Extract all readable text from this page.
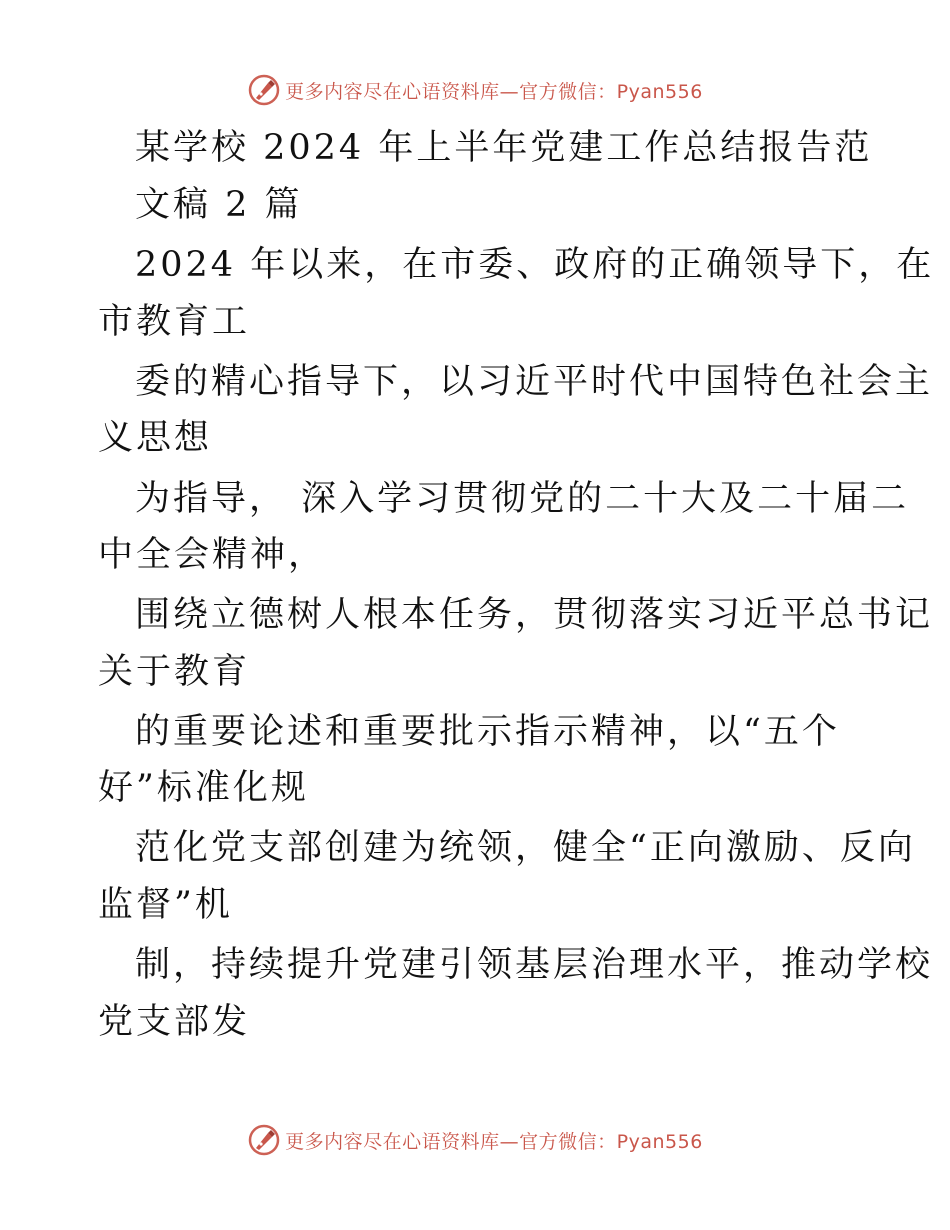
更多内容尽在心语资料库—官方微信：Pyan556
某学校 2024 年上半年党建工作总结报告范
文稿 2 篇
2024 年以来，在市委、政府的正确领导下，在
市教育工
委的精心指导下，以习近平时代中国特色社会主
义思想
为指导， 深入学习贯彻党的二十大及二十届二
中全会精神，
围绕立德树人根本任务，贯彻落实习近平总书记
关于教育
的重要论述和重要批示指示精神，以“五个
好”标准化规
范化党支部创建为统领，健全“正向激励、反向
监督”机
制，持续提升党建引领基层治理水平，推动学校
党支部发
更多内容尽在心语资料库—官方微信：Pyan556
